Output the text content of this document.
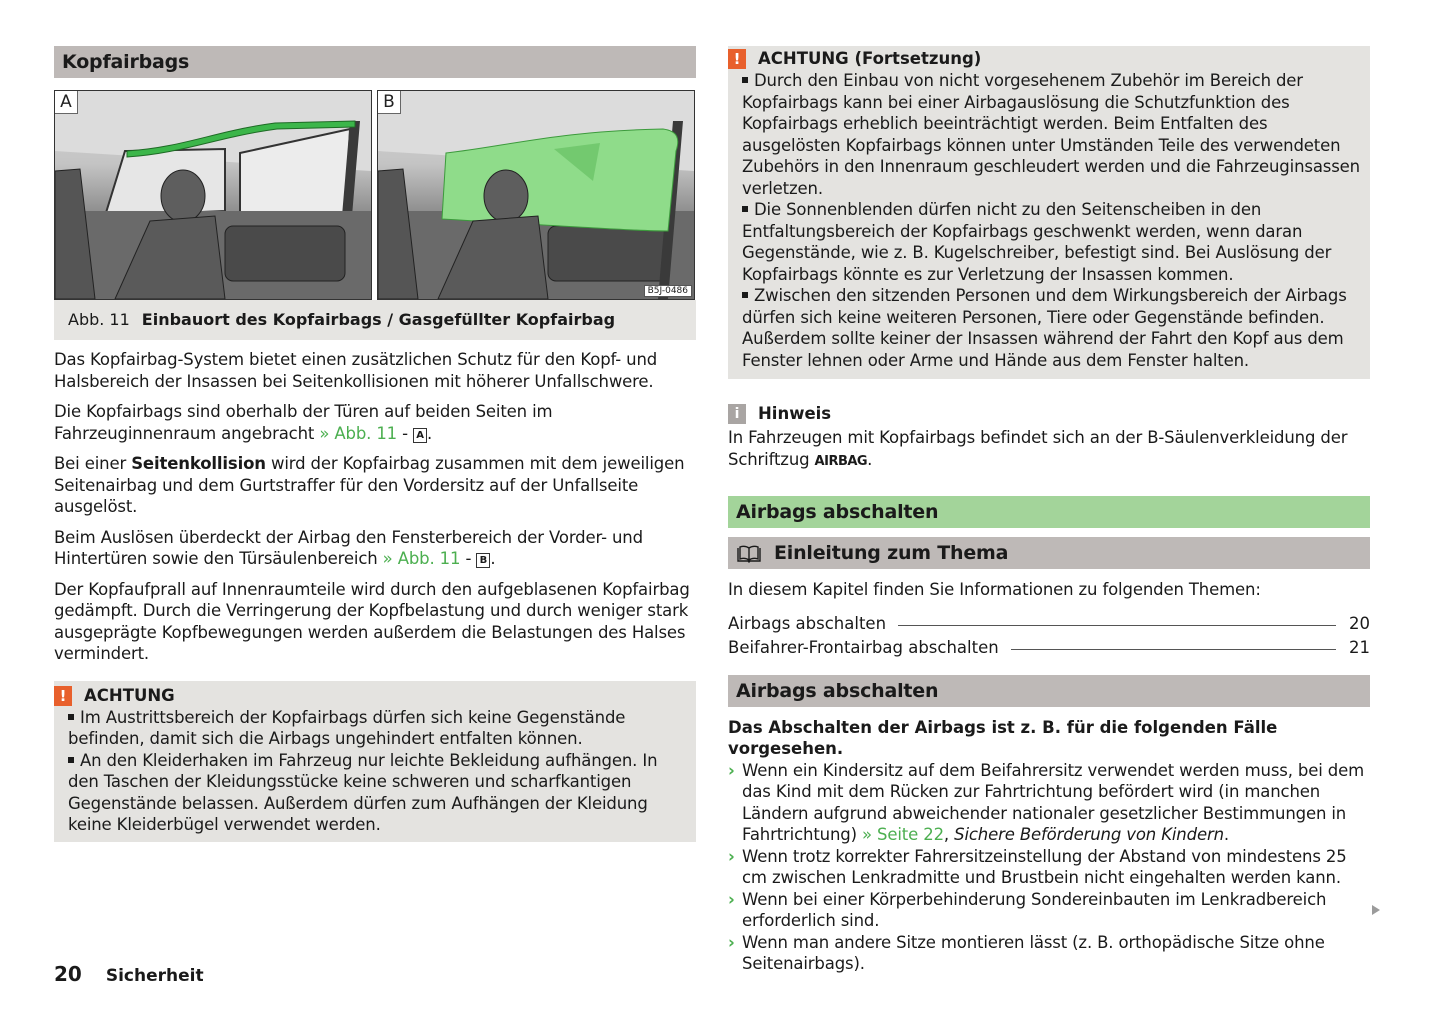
Kopfairbags
A	B
B5J-0486
Abb. 11 Einbauort des Kopfairbags / Gasgefüllter Kopfairbag

Das Kopfairbag-System bietet einen zusätzlichen Schutz für den Kopf- und Halsbereich der Insassen bei Seitenkollisionen mit höherer Unfallschwere.

Die Kopfairbags sind oberhalb der Türen auf beiden Seiten im Fahrzeuginnenraum angebracht » Abb. 11 - A .

Bei einer Seitenkollision wird der Kopfairbag zusammen mit dem jeweiligen Seitenairbag und dem Gurtstraffer für den Vordersitz auf der Unfallseite ausgelöst.

Beim Auslösen überdeckt der Airbag den Fensterbereich der Vorder- und Hintertüren sowie den Türsäulenbereich » Abb. 11 - B .

Der Kopfaufprall auf Innenraumteile wird durch den aufgeblasenen Kopfairbag gedämpft. Durch die Verringerung der Kopfbelastung und durch weniger stark ausgeprägte Kopfbewegungen werden außerdem die Belastungen des Halses vermindert.

!	ACHTUNG
Im Austrittsbereich der Kopfairbags dürfen sich keine Gegenstände befinden, damit sich die Airbags ungehindert entfalten können.
An den Kleiderhaken im Fahrzeug nur leichte Bekleidung aufhängen. In den Taschen der Kleidungsstücke keine schweren und scharfkantigen Gegenstände belassen. Außerdem dürfen zum Aufhängen der Kleidung keine Kleiderbügel verwendet werden.
!	ACHTUNG (Fortsetzung)
Durch den Einbau von nicht vorgesehenem Zubehör im Bereich der Kopfairbags kann bei einer Airbagauslösung die Schutzfunktion des Kopfairbags erheblich beeinträchtigt werden. Beim Entfalten des ausgelösten Kopfairbags können unter Umständen Teile des verwendeten Zubehörs in den Innenraum geschleudert werden und die Fahrzeuginsassen verletzen.
Die Sonnenblenden dürfen nicht zu den Seitenscheiben in den Entfaltungsbereich der Kopfairbags geschwenkt werden, wenn daran Gegenstände, wie z. B. Kugelschreiber, befestigt sind. Bei Auslösung der Kopfairbags könnte es zur Verletzung der Insassen kommen.
Zwischen den sitzenden Personen und dem Wirkungsbereich der Airbags dürfen sich keine weiteren Personen, Tiere oder Gegenstände befinden. Außerdem sollte keiner der Insassen während der Fahrt den Kopf aus dem Fenster lehnen oder Arme und Hände aus dem Fenster halten.
i	Hinweis
In Fahrzeugen mit Kopfairbags befindet sich an der B-Säulenverkleidung der Schriftzug AIRBAG.
Airbags abschalten
Einleitung zum Thema

In diesem Kapitel finden Sie Informationen zu folgenden Themen:

Airbags abschalten	20
Beifahrer-Frontairbag abschalten	21
Airbags abschalten
Das Abschalten der Airbags ist z. B. für die folgenden Fälle vorgesehen.
› Wenn ein Kindersitz auf dem Beifahrersitz verwendet werden muss, bei dem das Kind mit dem Rücken zur Fahrtrichtung befördert wird (in manchen Ländern aufgrund abweichender nationaler gesetzlicher Bestimmungen in Fahrtrichtung) » Seite 22, Sichere Beförderung von Kindern.
› Wenn trotz korrekter Fahrersitzeinstellung der Abstand von mindestens 25 cm zwischen Lenkradmitte und Brustbein nicht eingehalten werden kann.
› Wenn bei einer Körperbehinderung Sondereinbauten im Lenkradbereich erforderlich sind.
› Wenn man andere Sitze montieren lässt (z. B. orthopädische Sitze ohne Seitenairbags).
20 Sicherheit
